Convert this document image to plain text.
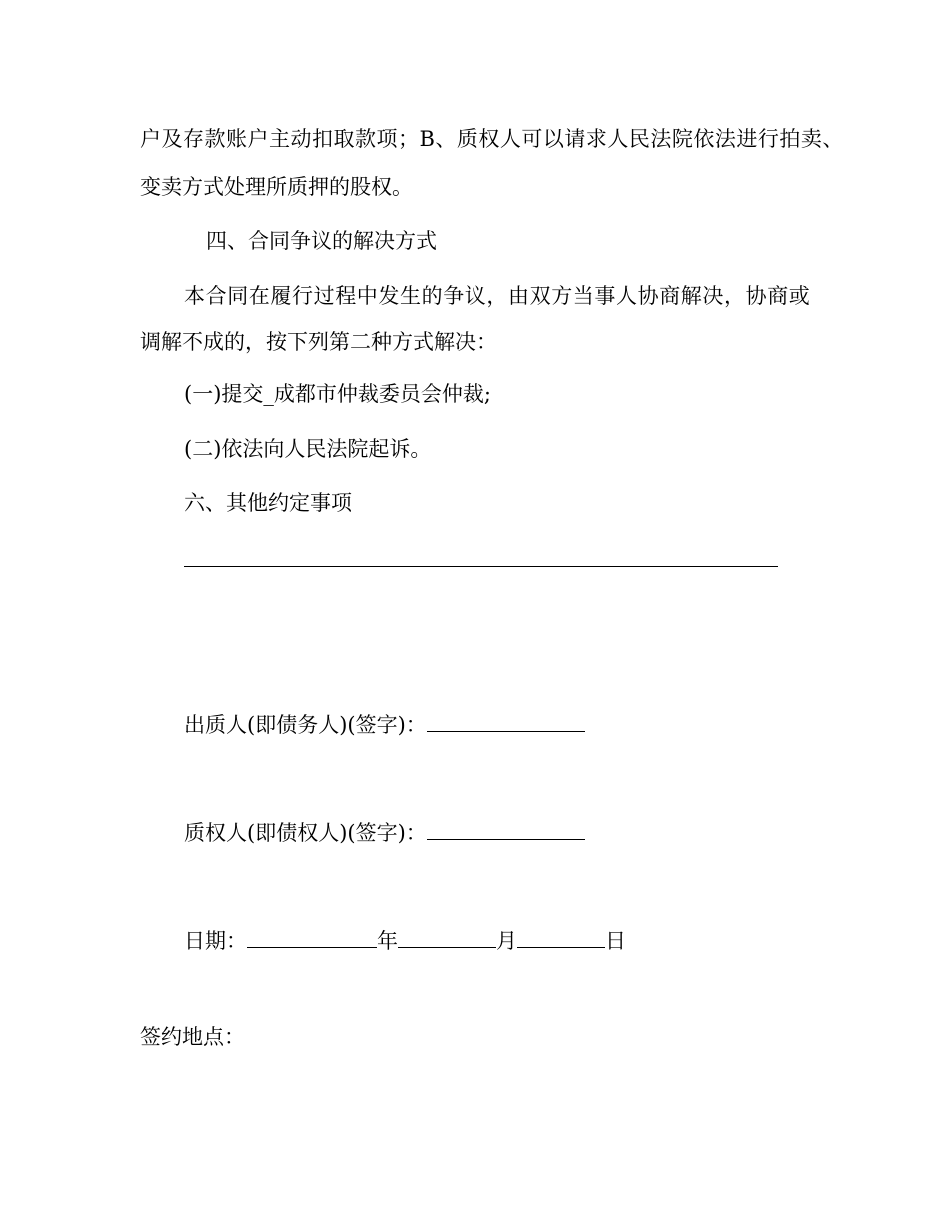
户及存款账户主动扣取款项；B、质权人可以请求人民法院依法进行拍卖、
变卖方式处理所质押的股权。
四、合同争议的解决方式
本合同在履行过程中发生的争议，由双方当事人协商解决，协商或
调解不成的，按下列第二种方式解决：
(一)提交_成都市仲裁委员会仲裁;
(二)依法向人民法院起诉。
六、其他约定事项
出质人(即债务人)(签字)：
质权人(即债权人)(签字)：
日期：	年	月	日
签约地点：
